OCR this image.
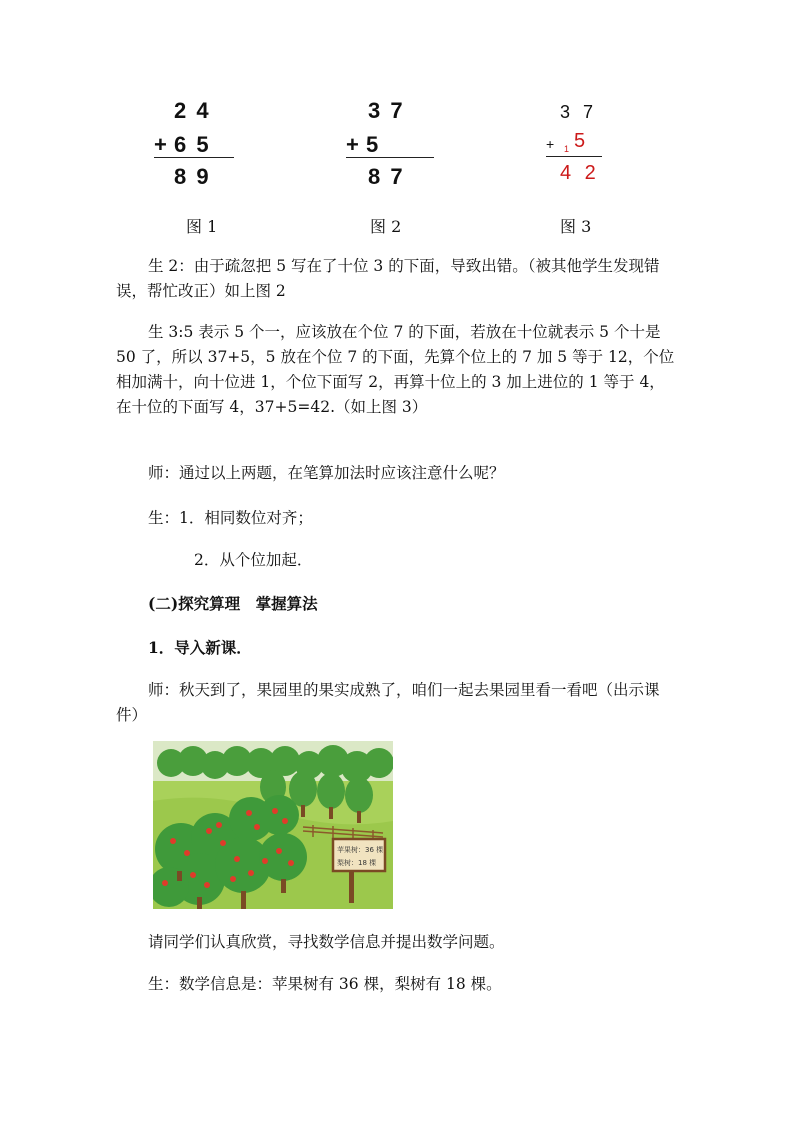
2 4
+ 6 5
8 9
图 1
3 7
+ 5
8 7
图 2
3 7
+ 1 5
4 2
图 3
生 2：由于疏忽把 5 写在了十位 3 的下面，导致出错。（被其他学生发现错误，帮忙改正）如上图 2
生 3:5 表示 5 个一，应该放在个位 7 的下面，若放在十位就表示 5 个十是 50 了，所以 37+5，5 放在个位 7 的下面，先算个位上的 7 加 5 等于 12，个位相加满十，向十位进 1，个位下面写 2，再算十位上的 3 加上进位的 1 等于 4，在十位的下面写 4，37+5=42.（如上图 3）
师：通过以上两题，在笔算加法时应该注意什么呢？
生：1．相同数位对齐；
2．从个位加起．
(二)探究算理　掌握算法
1．导入新课．
师：秋天到了，果园里的果实成熟了，咱们一起去果园里看一看吧（出示课件）
苹果树：36 棵
梨树：18 棵
请同学们认真欣赏，寻找数学信息并提出数学问题。
生：数学信息是：苹果树有 36 棵，梨树有 18 棵。
